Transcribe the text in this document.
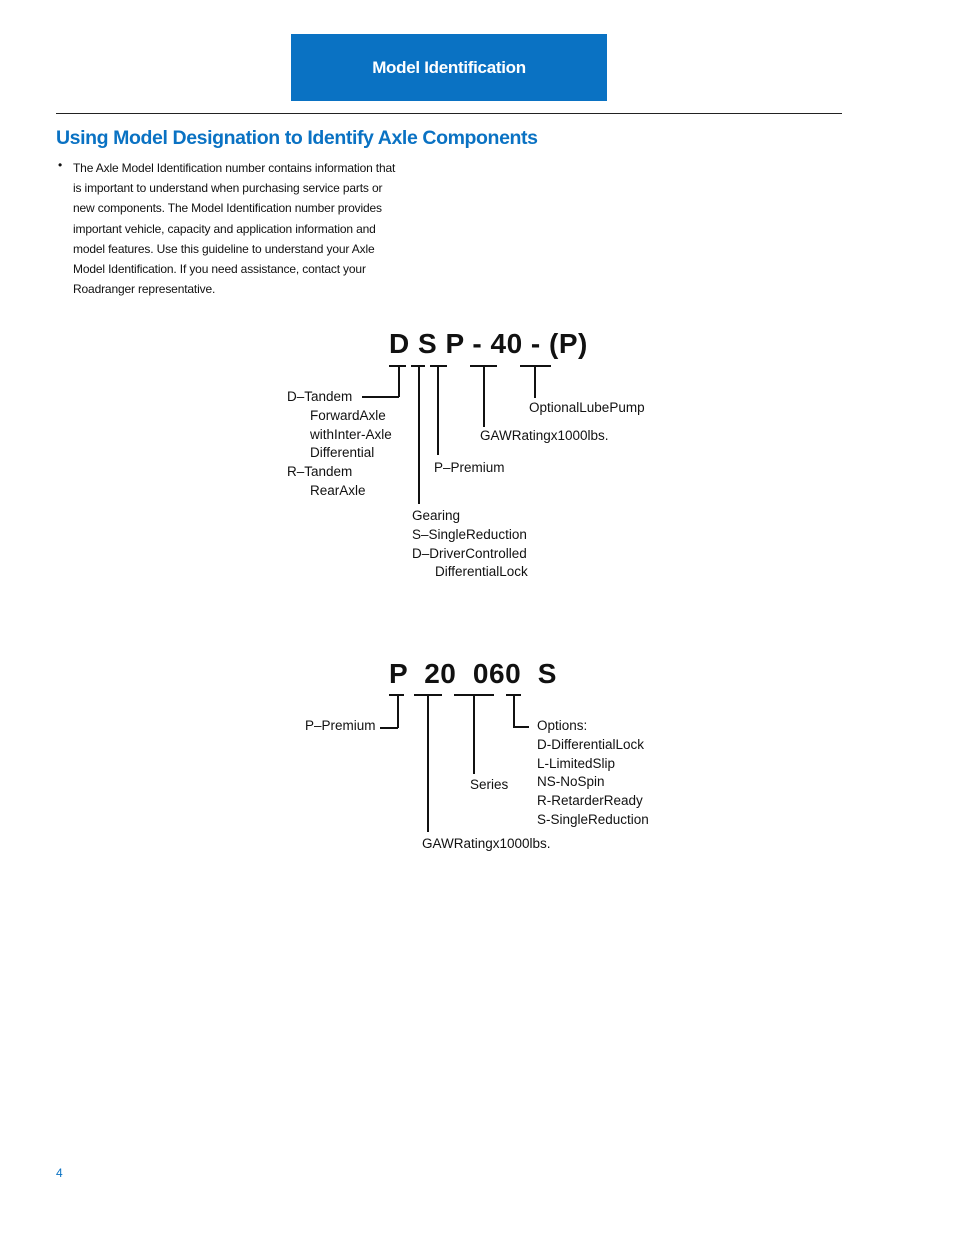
Model Identification
Using Model Designation to Identify Axle Components
• The Axle Model Identification number contains information that
is important to understand when purchasing service parts or
new components. The Model Identification number provides
important vehicle, capacity and application information and
model features. Use this guideline to understand your Axle
Model Identification. If you need assistance, contact your
Roadranger representative.
D S P - 40 - (P)
D–Tandem
ForwardAxle
withInter-Axle
Differential
R–Tandem
RearAxle
Gearing
S–SingleReduction
D–DriverControlled
DifferentialLock
P–Premium
GAWRatingx1000lbs.
OptionalLubePump
P  20  060  S
P–Premium
GAWRatingx1000lbs.
Series
Options:
D-DifferentialLock
L-LimitedSlip
NS-NoSpin
R-RetarderReady
S-SingleReduction
4
